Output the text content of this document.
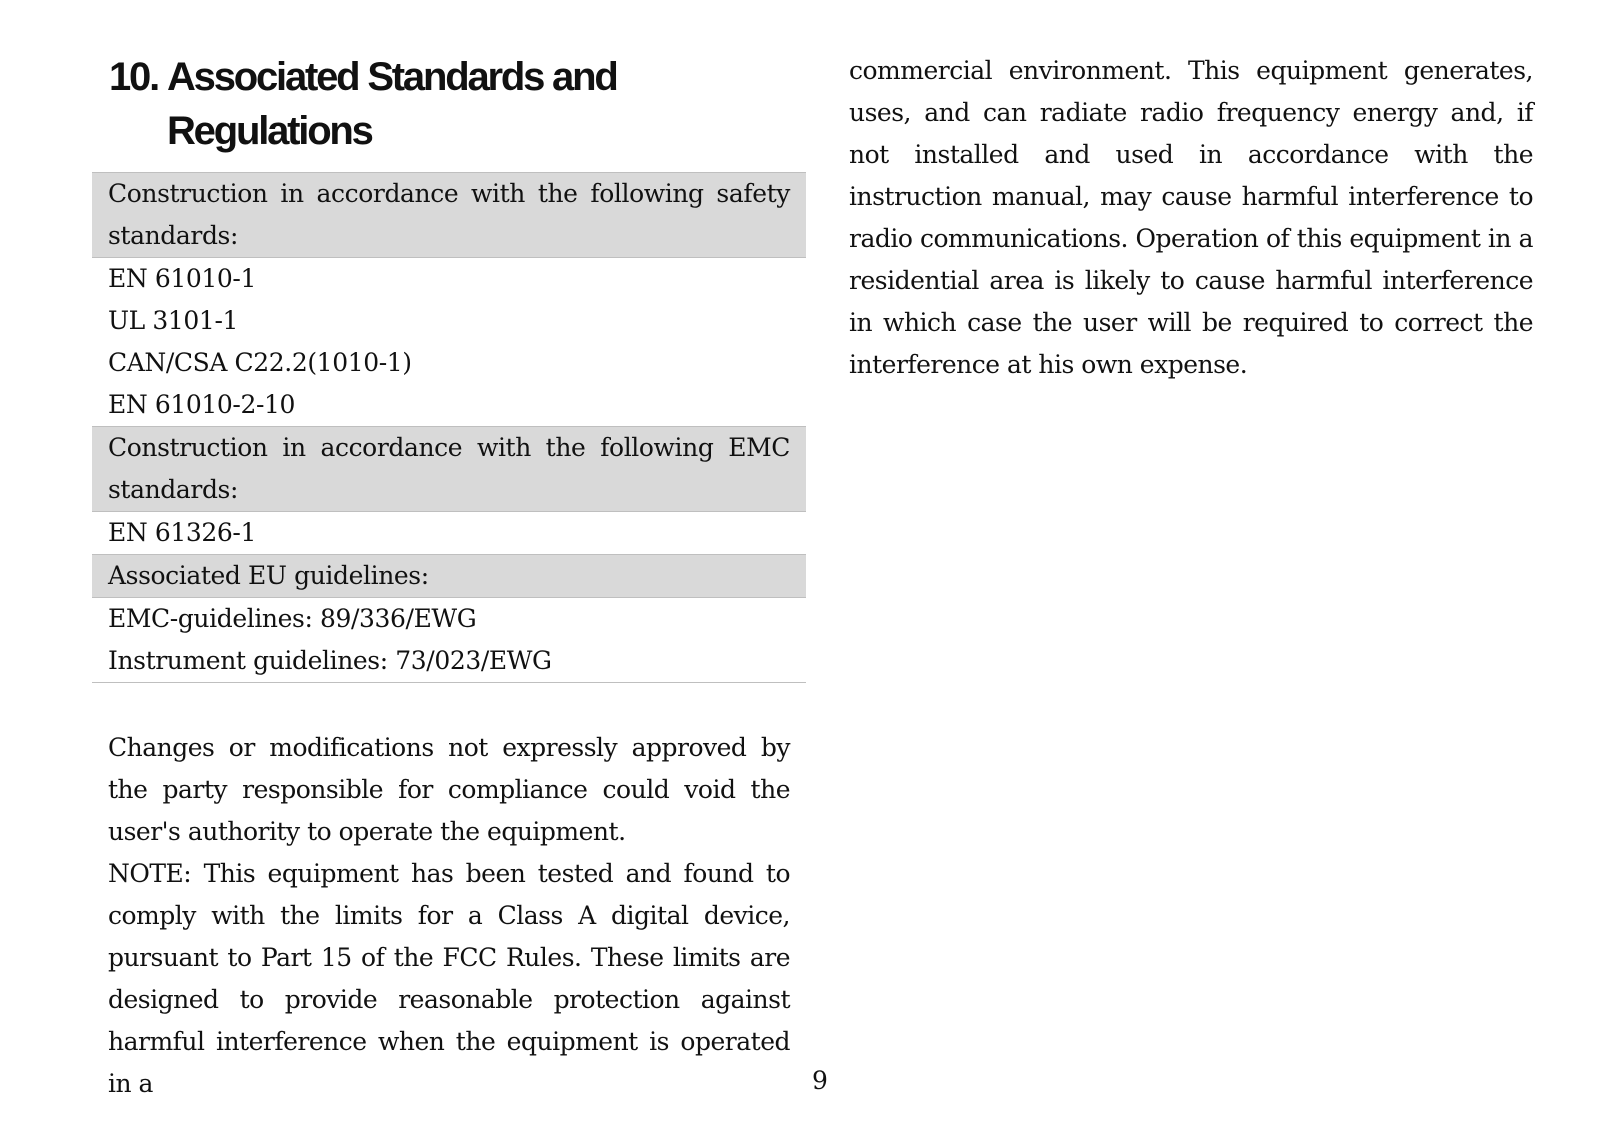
10. Associated Standards and
Regulations
Construction in accordance with the following safety standards:

EN 61010-1
UL 3101-1
CAN/CSA C22.2(1010-1)
EN 61010-2-10

Construction in accordance with the following EMC standards:

EN 61326-1

Associated EU guidelines:

EMC-guidelines: 89/336/EWG
Instrument guidelines: 73/023/EWG

Changes or modifications not expressly approved by the party responsible for compliance could void the user's authority to operate the equipment.

NOTE: This equipment has been tested and found to comply with the limits for a Class A digital device, pursuant to Part 15 of the FCC Rules. These limits are designed to provide reasonable protection against harmful interference when the equipment is operated in a

commercial environment. This equipment generates, uses, and can radiate radio frequency energy and, if not installed and used in accordance with the instruction manual, may cause harmful interference to radio communications. Operation of this equipment in a residential area is likely to cause harmful interference in which case the user will be required to correct the interference at his own expense.

9
